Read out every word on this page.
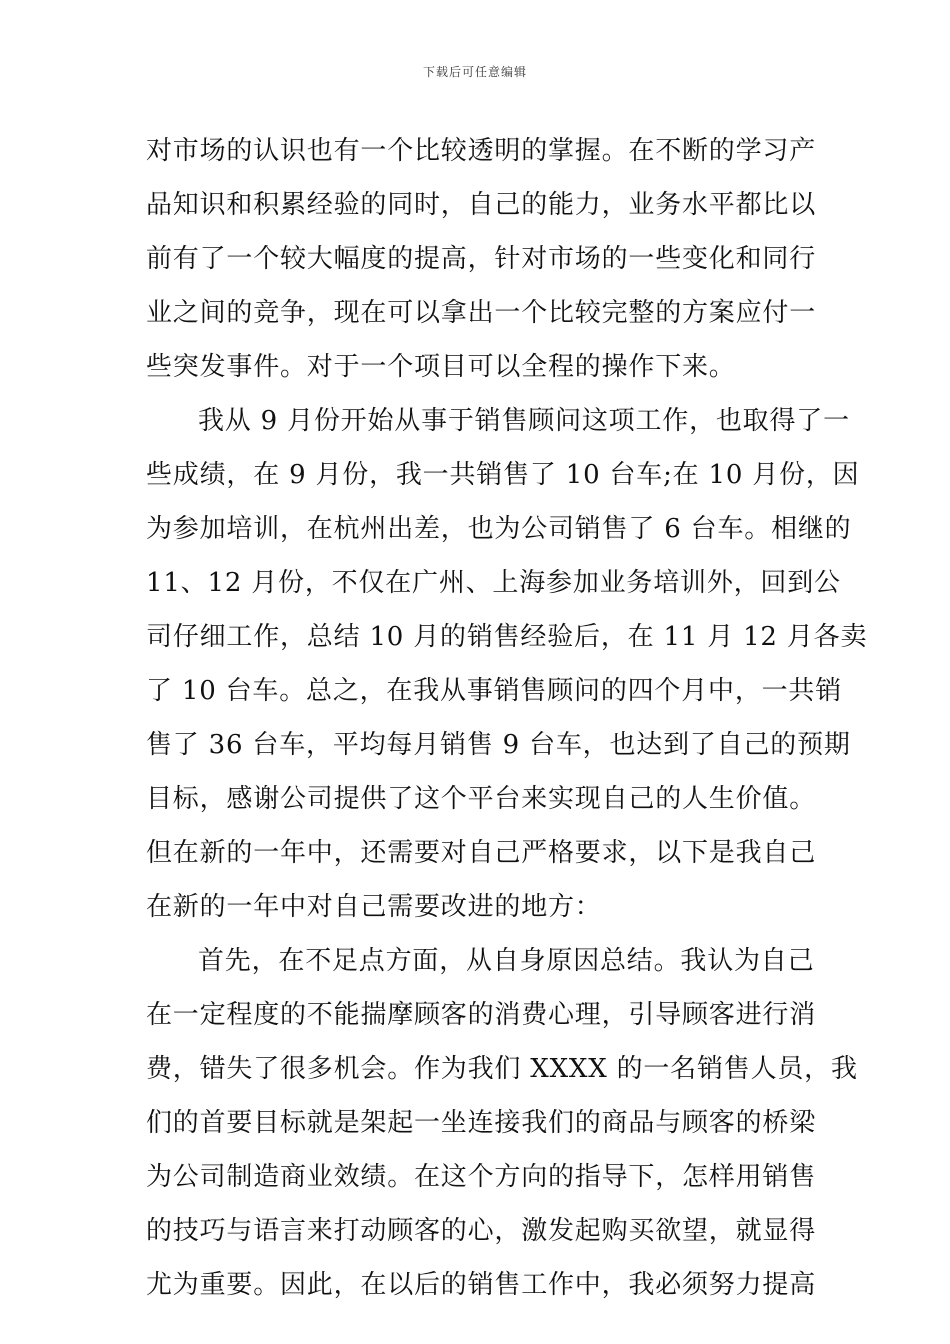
下载后可任意编辑
对市场的认识也有一个比较透明的掌握。在不断的学习产
品知识和积累经验的同时，自己的能力，业务水平都比以
前有了一个较大幅度的提高，针对市场的一些变化和同行
业之间的竞争，现在可以拿出一个比较完整的方案应付一
些突发事件。对于一个项目可以全程的操作下来。
我从 9 月份开始从事于销售顾问这项工作，也取得了一
些成绩，在 9 月份，我一共销售了 10 台车;在 10 月份，因
为参加培训，在杭州出差，也为公司销售了 6 台车。相继的
11、12 月份，不仅在广州、上海参加业务培训外，回到公
司仔细工作，总结 10 月的销售经验后，在 11 月 12 月各卖
了 10 台车。总之，在我从事销售顾问的四个月中，一共销
售了 36 台车，平均每月销售 9 台车，也达到了自己的预期
目标，感谢公司提供了这个平台来实现自己的人生价值。
但在新的一年中，还需要对自己严格要求，以下是我自己
在新的一年中对自己需要改进的地方：
首先，在不足点方面，从自身原因总结。我认为自己
在一定程度的不能揣摩顾客的消费心理，引导顾客进行消
费，错失了很多机会。作为我们 XXXX 的一名销售人员，我
们的首要目标就是架起一坐连接我们的商品与顾客的桥梁
为公司制造商业效绩。在这个方向的指导下，怎样用销售
的技巧与语言来打动顾客的心，激发起购买欲望，就显得
尤为重要。因此，在以后的销售工作中，我必须努力提高
